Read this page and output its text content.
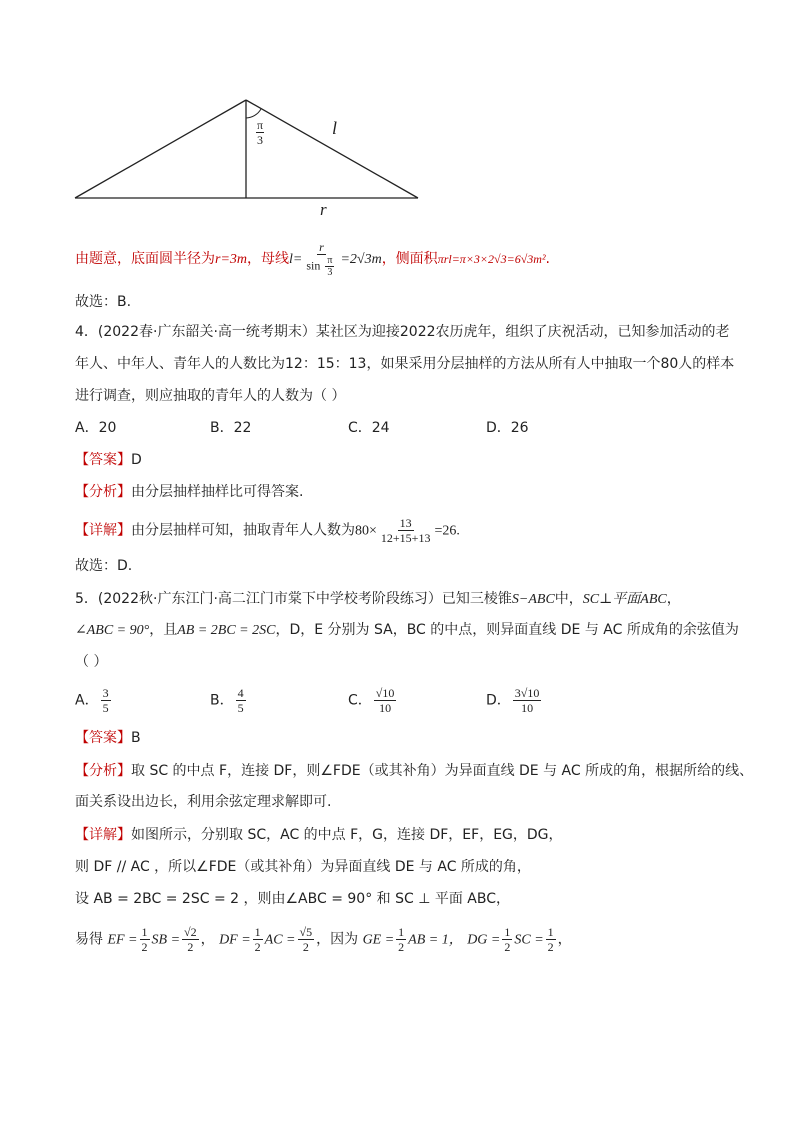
$\frac{\pi}{3}$	l
r
由题意，底面圆半径为r=3m，母线$l= \frac{r}{\sin \frac{\pi}{3}} =2√3m$，侧面积πrl=π×3×2√3=6√3m².
故选：B.
4．(2022春·广东韶关·高一统考期末）某社区为迎接2022农历虎年，组织了庆祝活动，已知参加活动的老
年人、中年人、青年人的人数比为12：15：13，如果采用分层抽样的方法从所有人中抽取一个80人的样本
进行调查，则应抽取的青年人的人数为（ ）
A．20	B．22	C．24	D．26
【答案】D
【分析】由分层抽样抽样比可得答案.
【详解】由分层抽样可知，抽取青年人人数为$80\times \frac{13}{12+15+13} =26$.
故选：D.
5．(2022秋·广东江门·高二江门市棠下中学校考阶段练习）已知三棱锥S−ABC中，SC⊥平面ABC，
∠ABC = 90°，且AB = 2BC = 2SC，D，E 分别为 SA，BC 的中点，则异面直线 DE 与 AC 所成角的余弦值为
（ ）
A． $\frac{3}{5}$	B． $\frac{4}{5}$	C． $\frac{√10}{10}$	D． $\frac{3√10}{10}$
【答案】B
【分析】取 SC 的中点 F，连接 DF，则∠FDE（或其补角）为异面直线 DE 与 AC 所成的角，根据所给的线、
面关系设出边长，利用余弦定理求解即可.
【详解】如图所示，分别取 SC，AC 的中点 F，G，连接 DF，EF，EG，DG，
则 DF // AC ，所以∠FDE（或其补角）为异面直线 DE 与 AC 所成的角，
设 AB = 2BC = 2SC = 2 ，则由∠ABC = 90° 和 SC ⊥ 平面 ABC，
易得 EF = $\frac{1}{2}$ SB = $\frac{√2}{2}$ ， DF = $\frac{1}{2}$ AC = $\frac{√5}{2}$ ，因为 GE = $\frac{1}{2}$ AB = 1， DG = $\frac{1}{2}$ SC = $\frac{1}{2}$ ，
